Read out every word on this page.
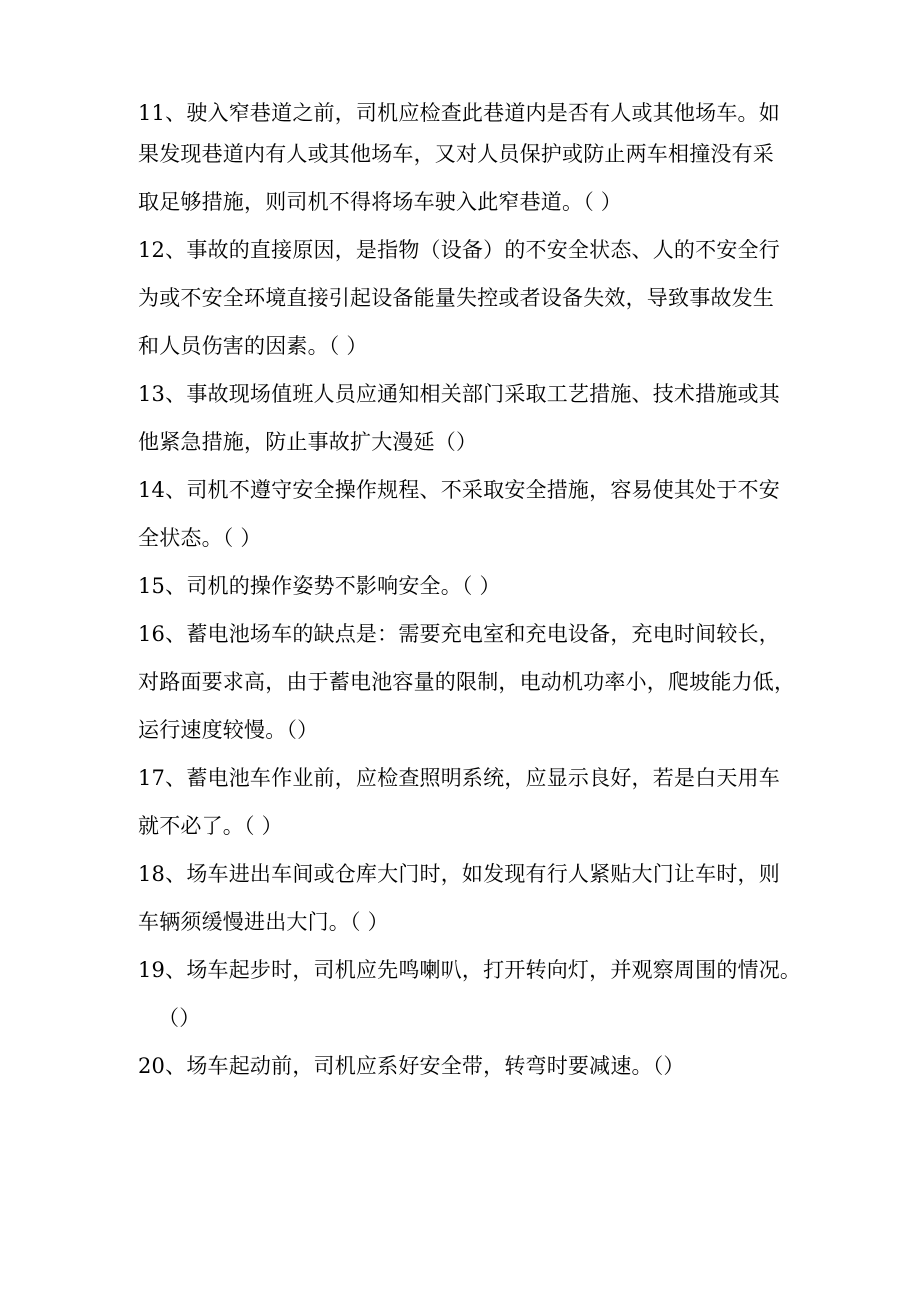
11、驶入窄巷道之前，司机应检查此巷道内是否有人或其他场车。如
果发现巷道内有人或其他场车，又对人员保护或防止两车相撞没有采
取足够措施，则司机不得将场车驶入此窄巷道。（ ）
12、事故的直接原因，是指物（设备）的不安全状态、人的不安全行
为或不安全环境直接引起设备能量失控或者设备失效，导致事故发生
和人员伤害的因素。（ ）
13、事故现场值班人员应通知相关部门采取工艺措施、技术措施或其
他紧急措施，防止事故扩大漫延（）
14、司机不遵守安全操作规程、不采取安全措施，容易使其处于不安
全状态。（ ）
15、司机的操作姿势不影响安全。（ ）
16、蓄电池场车的缺点是：需要充电室和充电设备，充电时间较长，
对路面要求高，由于蓄电池容量的限制，电动机功率小，爬坡能力低，
运行速度较慢。（）
17、蓄电池车作业前，应检查照明系统，应显示良好，若是白天用车
就不必了。（ ）
18、场车进出车间或仓库大门时，如发现有行人紧贴大门让车时，则
车辆须缓慢进出大门。（ ）
19、场车起步时，司机应先鸣喇叭，打开转向灯，并观察周围的情况。
（）
20、场车起动前，司机应系好安全带，转弯时要减速。（）
